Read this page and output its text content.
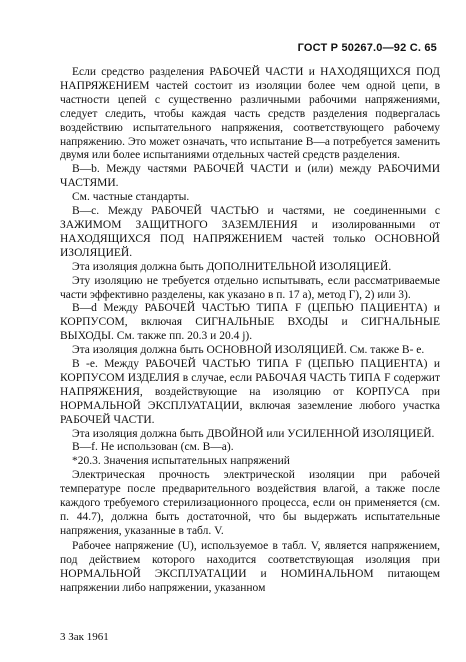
ГОСТ Р 50267.0—92 С. 65

Если средство разделения РАБОЧЕЙ ЧАСТИ и НАХОДЯЩИХСЯ ПОД НАПРЯЖЕНИЕМ частей состоит из изоляции более чем одной цепи, в частности цепей с существенно различными рабочими напряжениями, следует следить, чтобы каждая часть средств разделения подвергалась воздействию испытательного напряжения, соответствующего рабочему напряжению. Это может означать, что испытание B—a потребуется заменить двумя или более испытаниями отдельных частей средств разделения.

B—b. Между частями РАБОЧЕЙ ЧАСТИ и (или) между РАБОЧИМИ ЧАСТЯМИ.

См. частные стандарты.

B—c. Между РАБОЧЕЙ ЧАСТЬЮ и частями, не соединенными с ЗАЖИМОМ ЗАЩИТНОГО ЗАЗЕМЛЕНИЯ и изолированными от НАХОДЯЩИХСЯ ПОД НАПРЯЖЕНИЕМ частей только ОСНОВНОЙ ИЗОЛЯЦИЕЙ.

Эта изоляция должна быть ДОПОЛНИТЕЛЬНОЙ ИЗОЛЯЦИЕЙ.

Эту изоляцию не требуется отдельно испытывать, если рассматриваемые части эффективно разделены, как указано в п. 17 а), метод Г), 2) или 3).

B—d Между РАБОЧЕЙ ЧАСТЬЮ ТИПА F (ЦЕПЬЮ ПАЦИЕНТА) и КОРПУСОМ, включая СИГНАЛЬНЫЕ ВХОДЫ и СИГНАЛЬНЫЕ ВЫХОДЫ. См. также пп. 20.3 и 20.4 j).

Эта изоляция должна быть ОСНОВНОЙ ИЗОЛЯЦИЕЙ. См. также B- e.

B -e. Между РАБОЧЕЙ ЧАСТЬЮ ТИПА F (ЦЕПЬЮ ПАЦИЕНТА) и КОРПУСОМ ИЗДЕЛИЯ в случае, если РАБОЧАЯ ЧАСТЬ ТИПА F содержит НАПРЯЖЕНИЯ, воздействующие на изоляцию от КОРПУСА при НОРМАЛЬНОЙ ЭКСПЛУАТАЦИИ, включая заземление любого участка РАБОЧЕЙ ЧАСТИ.

Эта изоляция должна быть ДВОЙНОЙ или УСИЛЕННОЙ ИЗОЛЯЦИЕЙ.

B—f. Не использован (см. B—a).

*20.3. Значения испытательных напряжений

Электрическая прочность электрической изоляции при рабочей температуре после предварительного воздействия влагой, а также после каждого требуемого стерилизационного процесса, если он применяется (см. п. 44.7), должна быть достаточной, что бы выдержать испытательные напряжения, указанные в табл. V.

Рабочее напряжение (U), используемое в табл. V, является напряжением, под действием которого находится соответствующая изоляция при НОРМАЛЬНОЙ ЭКСПЛУАТАЦИИ и НОМИНАЛЬНОМ питающем напряжении либо напряжении, указанном

3 Зак 1961
